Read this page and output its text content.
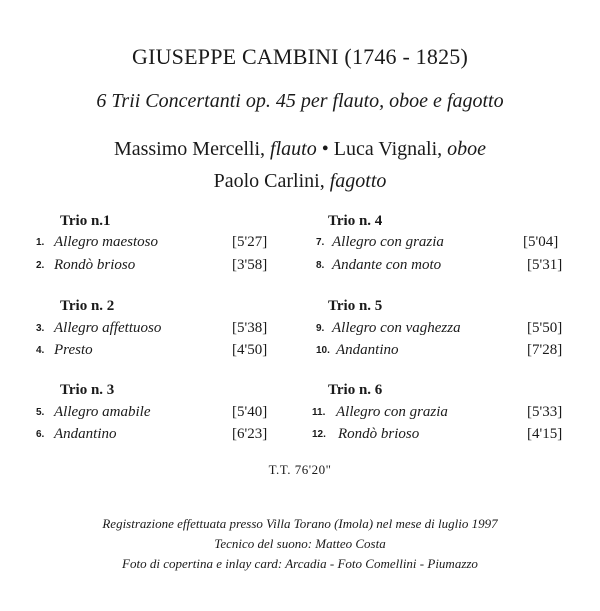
GIUSEPPE CAMBINI (1746 - 1825)
6 Trii Concertanti op. 45 per flauto, oboe e fagotto
Massimo Mercelli, flauto • Luca Vignali, oboe
Paolo Carlini, fagotto
Trio n.1
1. Allegro maestoso	[5'27]
2. Rondò brioso	[3'58]
Trio n. 2
3. Allegro affettuoso	[5'38]
4. Presto	[4'50]
Trio n. 3
5. Allegro amabile	[5'40]
6. Andantino	[6'23]
Trio n. 4
7. Allegro con grazia	[5'04]
8. Andante con moto	[5'31]
Trio n. 5
9. Allegro con vaghezza	[5'50]
10. Andantino	[7'28]
Trio n. 6
11. Allegro con grazia	[5'33]
12. Rondò brioso	[4'15]
T.T. 76'20"
Registrazione effettuata presso Villa Torano (Imola) nel mese di luglio 1997
Tecnico del suono: Matteo Costa
Foto di copertina e inlay card: Arcadia - Foto Comellini - Piumazzo
